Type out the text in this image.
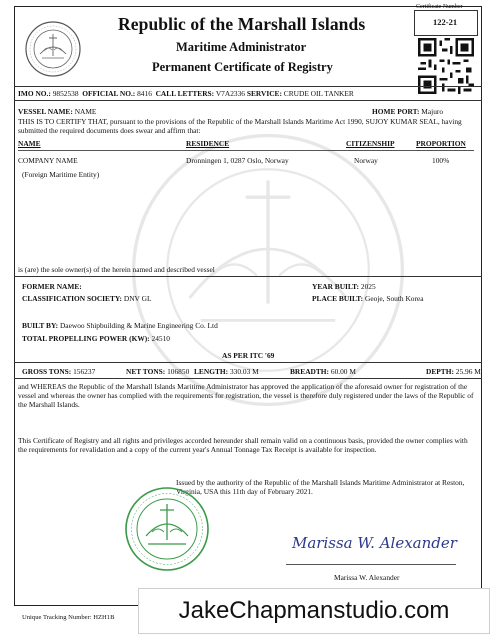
Republic of the Marshall Islands
Maritime Administrator
Permanent Certificate of Registry
Certificate Number
122-21
IMO NO.: 9852538 OFFICIAL NO.: 8416 CALL LETTERS: V7A2336 SERVICE: CRUDE OIL TANKER
VESSEL NAME: NAME	HOME PORT: Majuro
THIS IS TO CERTIFY THAT, pursuant to the provisions of the Republic of the Marshall Islands Maritime Act 1990, SUJOY KUMAR SEAL, having submitted the required documents does swear and affirm that:
NAME	RESIDENCE	CITIZENSHIP	PROPORTION
COMPANY NAME	Dronningen 1, 0287 Oslo, Norway	Norway	100%
(Foreign Maritime Entity)
is (are) the sole owner(s) of the herein named and described vessel
FORMER NAME:	YEAR BUILT: 2025
CLASSIFICATION SOCIETY: DNV GL	PLACE BUILT: Geoje, South Korea
BUILT BY: Daewoo Shipbuilding & Marine Engineering Co. Ltd
TOTAL PROPELLING POWER (KW): 24510
AS PER ITC '69
GROSS TONS: 156237	NET TONS: 106850 LENGTH: 330.03 M	BREADTH: 60.00 M	DEPTH: 25.96 M
and WHEREAS the Republic of the Marshall Islands Maritime Administrator has approved the application of the aforesaid owner for registration of the vessel and whereas the owner has complied with the requirements for registration, the vessel is therefore duly registered under the laws of the Republic of the Marshall Islands.
This Certificate of Registry and all rights and privileges accorded hereunder shall remain valid on a continuous basis, provided the owner complies with the requirements for revalidation and a copy of the current year's Annual Tonnage Tax Receipt is available for inspection.
Issued by the authority of the Republic of the Marshall Islands Maritime Administrator at Reston, Virginia, USA this 11th day of February 2021.
Marissa W. Alexander
Marissa W. Alexander
Unique Tracking Number: HZH1B	JakeChapmanstudio.com
